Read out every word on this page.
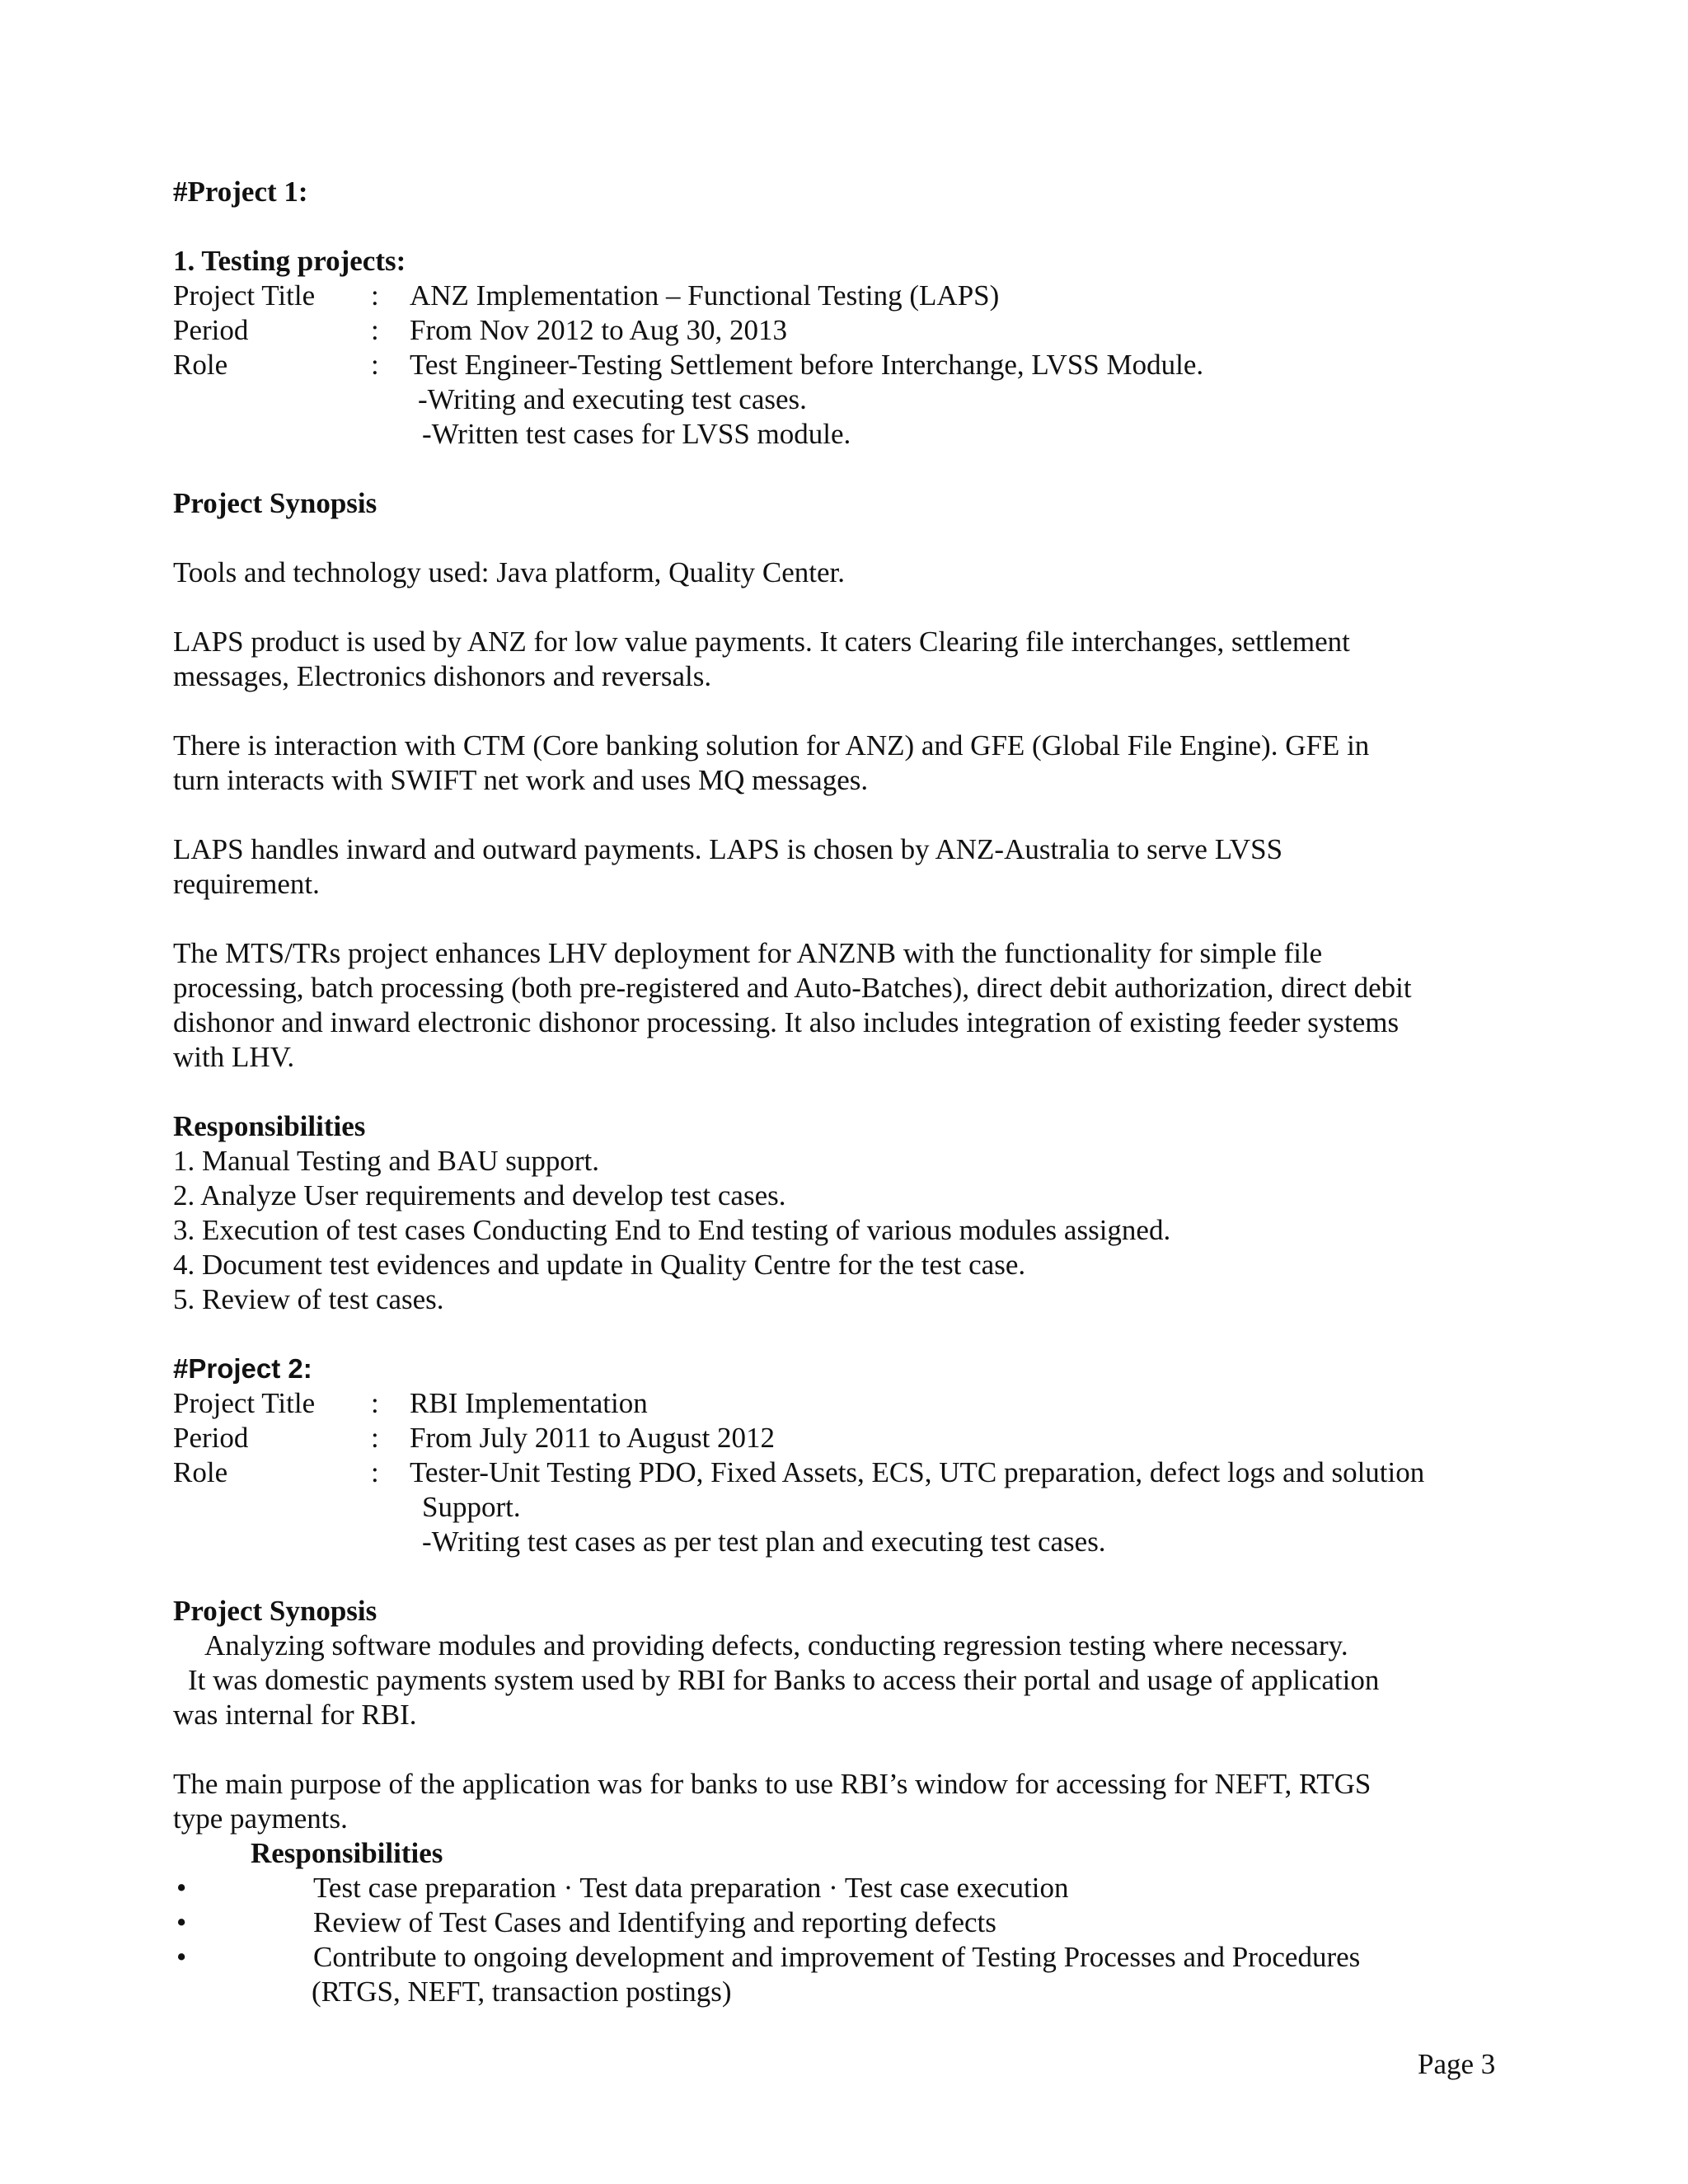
#Project 1:
1. Testing projects:
Project Title	:	ANZ Implementation – Functional Testing (LAPS)
Period	:	From Nov 2012 to Aug 30, 2013
Role	:	Test Engineer-Testing Settlement before Interchange, LVSS Module.
-Writing and executing test cases.
-Written test cases for LVSS module.
Project Synopsis
Tools and technology used: Java platform, Quality Center.
LAPS product is used by ANZ for low value payments. It caters Clearing file interchanges, settlement
messages, Electronics dishonors and reversals.
There is interaction with CTM (Core banking solution for ANZ) and GFE (Global File Engine). GFE in
turn interacts with SWIFT net work and uses MQ messages.
LAPS handles inward and outward payments. LAPS is chosen by ANZ-Australia to serve LVSS
requirement.
The MTS/TRs project enhances LHV deployment for ANZNB with the functionality for simple file
processing, batch processing (both pre-registered and Auto-Batches), direct debit authorization, direct debit
dishonor and inward electronic dishonor processing. It also includes integration of existing feeder systems
with LHV.
Responsibilities
1. Manual Testing and BAU support.
2. Analyze User requirements and develop test cases.
3. Execution of test cases Conducting End to End testing of various modules assigned.
4. Document test evidences and update in Quality Centre for the test case.
5. Review of test cases.
#Project 2:
Project Title	:	RBI Implementation
Period	:	From July 2011 to August 2012
Role	:	Tester-Unit Testing PDO, Fixed Assets, ECS, UTC preparation, defect logs and solution
Support.
-Writing test cases as per test plan and executing test cases.
Project Synopsis
Analyzing software modules and providing defects, conducting regression testing where necessary.
It was domestic payments system used by RBI for Banks to access their portal and usage of application
was internal for RBI.
The main purpose of the application was for banks to use RBI’s window for accessing for NEFT, RTGS
type payments.
Responsibilities
•	Test case preparation · Test data preparation · Test case execution
•	Review of Test Cases and Identifying and reporting defects
•	Contribute to ongoing development and improvement of Testing Processes and Procedures
(RTGS, NEFT, transaction postings)
Page 3
